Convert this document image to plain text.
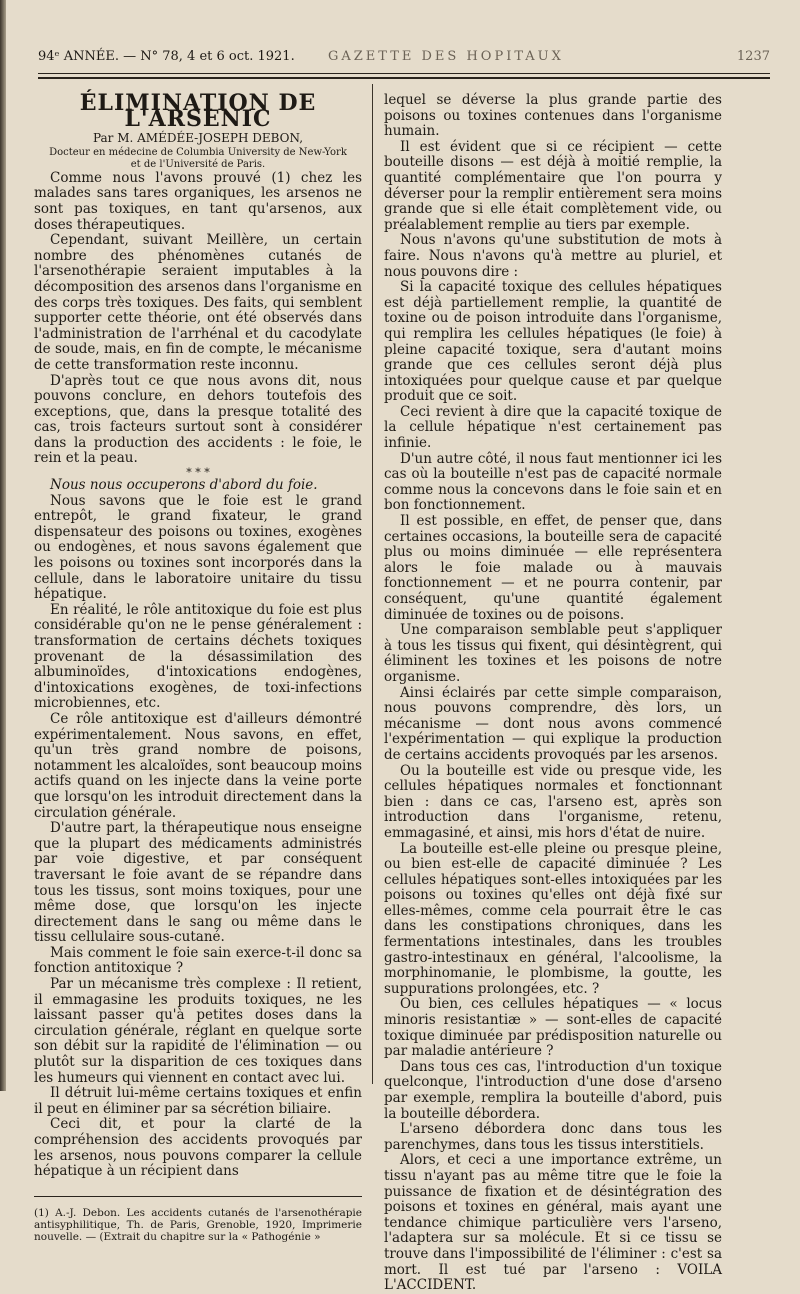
94ᵉ ANNÉE. — N° 78, 4 et 6 oct. 1921.	GAZETTE DES HOPITAUX	1237
ÉLIMINATION DE L'ARSENIC

Par M. AMÉDÉE-JOSEPH DEBON,

Docteur en médecine de Columbia University de New-York
et de l'Université de Paris.

Comme nous l'avons prouvé (1) chez les malades sans tares organiques, les arsenos ne sont pas toxiques, en tant qu'arsenos, aux doses thérapeutiques.

Cependant, suivant Meillère, un certain nombre des phénomènes cutanés de l'arsenothérapie seraient imputables à la décomposition des arsenos dans l'organisme en des corps très toxiques. Des faits, qui semblent supporter cette théorie, ont été observés dans l'administration de l'arrhénal et du cacodylate de soude, mais, en fin de compte, le mécanisme de cette transformation reste inconnu.

D'après tout ce que nous avons dit, nous pouvons conclure, en dehors toutefois des exceptions, que, dans la presque totalité des cas, trois facteurs surtout sont à considérer dans la production des accidents : le foie, le rein et la peau.

* * *

Nous nous occuperons d'abord du foie.

Nous savons que le foie est le grand entrepôt, le grand fixateur, le grand dispensateur des poisons ou toxines, exogènes ou endogènes, et nous savons également que les poisons ou toxines sont incorporés dans la cellule, dans le laboratoire unitaire du tissu hépatique.

En réalité, le rôle antitoxique du foie est plus considérable qu'on ne le pense généralement : transformation de certains déchets toxiques provenant de la désassimilation des albuminoïdes, d'intoxications endogènes, d'intoxications exogènes, de toxi-infections microbiennes, etc.

Ce rôle antitoxique est d'ailleurs démontré expérimentalement. Nous savons, en effet, qu'un très grand nombre de poisons, notamment les alcaloïdes, sont beaucoup moins actifs quand on les injecte dans la veine porte que lorsqu'on les introduit directement dans la circulation générale.

D'autre part, la thérapeutique nous enseigne que la plupart des médicaments administrés par voie digestive, et par conséquent traversant le foie avant de se répandre dans tous les tissus, sont moins toxiques, pour une même dose, que lorsqu'on les injecte directement dans le sang ou même dans le tissu cellulaire sous-cutané.

Mais comment le foie sain exerce-t-il donc sa fonction antitoxique ?

Par un mécanisme très complexe : Il retient, il emmagasine les produits toxiques, ne les laissant passer qu'à petites doses dans la circulation générale, réglant en quelque sorte son débit sur la rapidité de l'élimination — ou plutôt sur la disparition de ces toxiques dans les humeurs qui viennent en contact avec lui.

Il détruit lui-même certains toxiques et enfin il peut en éliminer par sa sécrétion biliaire.

Ceci dit, et pour la clarté de la compréhension des accidents provoqués par les arsenos, nous pouvons comparer la cellule hépatique à un récipient dans

(1) A.-J. Debon. Les accidents cutanés de l'arsenothérapie antisyphilitique, Th. de Paris, Grenoble, 1920, Imprimerie nouvelle. — (Extrait du chapitre sur la « Pathogénie »

lequel se déverse la plus grande partie des poisons ou toxines contenues dans l'organisme humain.

Il est évident que si ce récipient — cette bouteille disons — est déjà à moitié remplie, la quantité complémentaire que l'on pourra y déverser pour la remplir entièrement sera moins grande que si elle était complètement vide, ou préalablement remplie au tiers par exemple.

Nous n'avons qu'une substitution de mots à faire. Nous n'avons qu'à mettre au pluriel, et nous pouvons dire :

Si la capacité toxique des cellules hépatiques est déjà partiellement remplie, la quantité de toxine ou de poison introduite dans l'organisme, qui remplira les cellules hépatiques (le foie) à pleine capacité toxique, sera d'autant moins grande que ces cellules seront déjà plus intoxiquées pour quelque cause et par quelque produit que ce soit.

Ceci revient à dire que la capacité toxique de la cellule hépatique n'est certainement pas infinie.

D'un autre côté, il nous faut mentionner ici les cas où la bouteille n'est pas de capacité normale comme nous la concevons dans le foie sain et en bon fonctionnement.

Il est possible, en effet, de penser que, dans certaines occasions, la bouteille sera de capacité plus ou moins diminuée — elle représentera alors le foie malade ou à mauvais fonctionnement — et ne pourra contenir, par conséquent, qu'une quantité également diminuée de toxines ou de poisons.

Une comparaison semblable peut s'appliquer à tous les tissus qui fixent, qui désintègrent, qui éliminent les toxines et les poisons de notre organisme.

Ainsi éclairés par cette simple comparaison, nous pouvons comprendre, dès lors, un mécanisme — dont nous avons commencé l'expérimentation — qui explique la production de certains accidents provoqués par les arsenos.

Ou la bouteille est vide ou presque vide, les cellules hépatiques normales et fonctionnant bien : dans ce cas, l'arseno est, après son introduction dans l'organisme, retenu, emmagasiné, et ainsi, mis hors d'état de nuire.

La bouteille est-elle pleine ou presque pleine, ou bien est-elle de capacité diminuée ? Les cellules hépatiques sont-elles intoxiquées par les poisons ou toxines qu'elles ont déjà fixé sur elles-mêmes, comme cela pourrait être le cas dans les constipations chroniques, dans les fermentations intestinales, dans les troubles gastro-intestinaux en général, l'alcoolisme, la morphinomanie, le plombisme, la goutte, les suppurations prolongées, etc. ?

Ou bien, ces cellules hépatiques — « locus minoris resistantiæ » — sont-elles de capacité toxique diminuée par prédisposition naturelle ou par maladie antérieure ?

Dans tous ces cas, l'introduction d'un toxique quelconque, l'introduction d'une dose d'arseno par exemple, remplira la bouteille d'abord, puis la bouteille débordera.

L'arseno débordera donc dans tous les parenchymes, dans tous les tissus interstitiels.

Alors, et ceci a une importance extrême, un tissu n'ayant pas au même titre que le foie la puissance de fixation et de désintégration des poisons et toxines en général, mais ayant une tendance chimique particulière vers l'arseno, l'adaptera sur sa molécule. Et si ce tissu se trouve dans l'impossibilité de l'éliminer : c'est sa mort. Il est tué par l'arseno : VOILA L'ACCIDENT.
